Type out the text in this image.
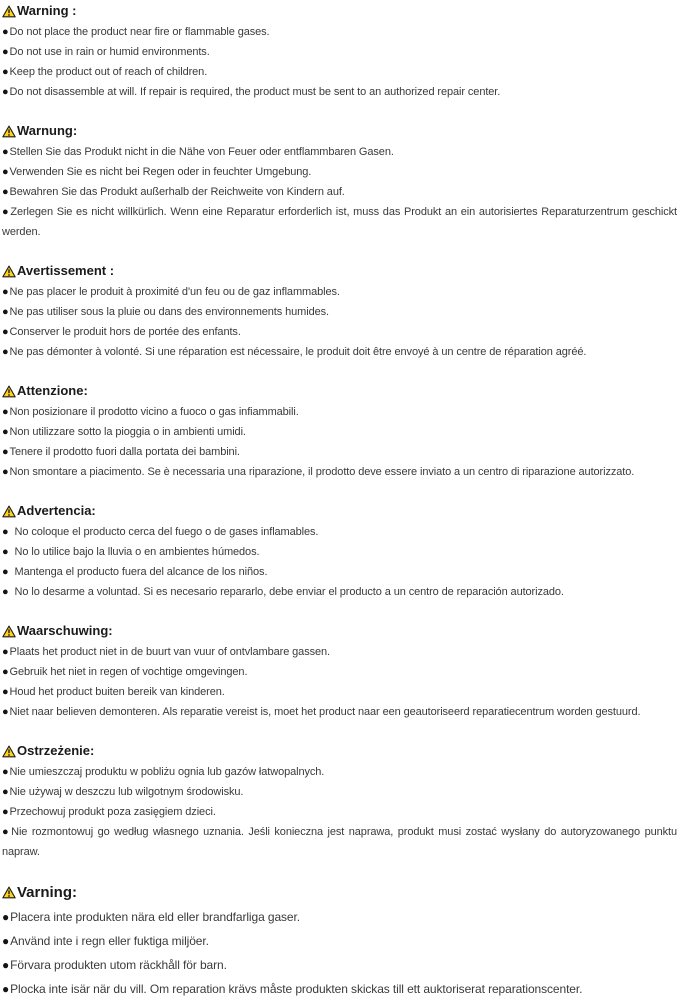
Warning :
●Do not place the product near fire or flammable gases.
●Do not use in rain or humid environments.
●Keep the product out of reach of children.
●Do not disassemble at will. If repair is required, the product must be sent to an authorized repair center.
Warnung:
●Stellen Sie das Produkt nicht in die Nähe von Feuer oder entflammbaren Gasen.
●Verwenden Sie es nicht bei Regen oder in feuchter Umgebung.
●Bewahren Sie das Produkt außerhalb der Reichweite von Kindern auf.
●Zerlegen Sie es nicht willkürlich. Wenn eine Reparatur erforderlich ist, muss das Produkt an ein autorisiertes Reparaturzentrum geschickt werden.
Avertissement :
●Ne pas placer le produit à proximité d'un feu ou de gaz inflammables.
●Ne pas utiliser sous la pluie ou dans des environnements humides.
●Conserver le produit hors de portée des enfants.
●Ne pas démonter à volonté. Si une réparation est nécessaire, le produit doit être envoyé à un centre de réparation agréé.
Attenzione:
●Non posizionare il prodotto vicino a fuoco o gas infiammabili.
●Non utilizzare sotto la pioggia o in ambienti umidi.
●Tenere il prodotto fuori dalla portata dei bambini.
●Non smontare a piacimento. Se è necessaria una riparazione, il prodotto deve essere inviato a un centro di riparazione autorizzato.
Advertencia:
● No coloque el producto cerca del fuego o de gases inflamables.
● No lo utilice bajo la lluvia o en ambientes húmedos.
● Mantenga el producto fuera del alcance de los niños.
● No lo desarme a voluntad. Si es necesario repararlo, debe enviar el producto a un centro de reparación autorizado.
Waarschuwing:
●Plaats het product niet in de buurt van vuur of ontvlambare gassen.
●Gebruik het niet in regen of vochtige omgevingen.
●Houd het product buiten bereik van kinderen.
●Niet naar believen demonteren. Als reparatie vereist is, moet het product naar een geautoriseerd reparatiecentrum worden gestuurd.
Ostrzeżenie:
●Nie umieszczaj produktu w pobliżu ognia lub gazów łatwopalnych.
●Nie używaj w deszczu lub wilgotnym środowisku.
●Przechowuj produkt poza zasięgiem dzieci.
●Nie rozmontowuj go według własnego uznania. Jeśli konieczna jest naprawa, produkt musi zostać wysłany do autoryzowanego punktu napraw.
Varning:
●Placera inte produkten nära eld eller brandfarliga gaser.
●Använd inte i regn eller fuktiga miljöer.
●Förvara produkten utom räckhåll för barn.
●Plocka inte isär när du vill. Om reparation krävs måste produkten skickas till ett auktoriserat reparationscenter.
